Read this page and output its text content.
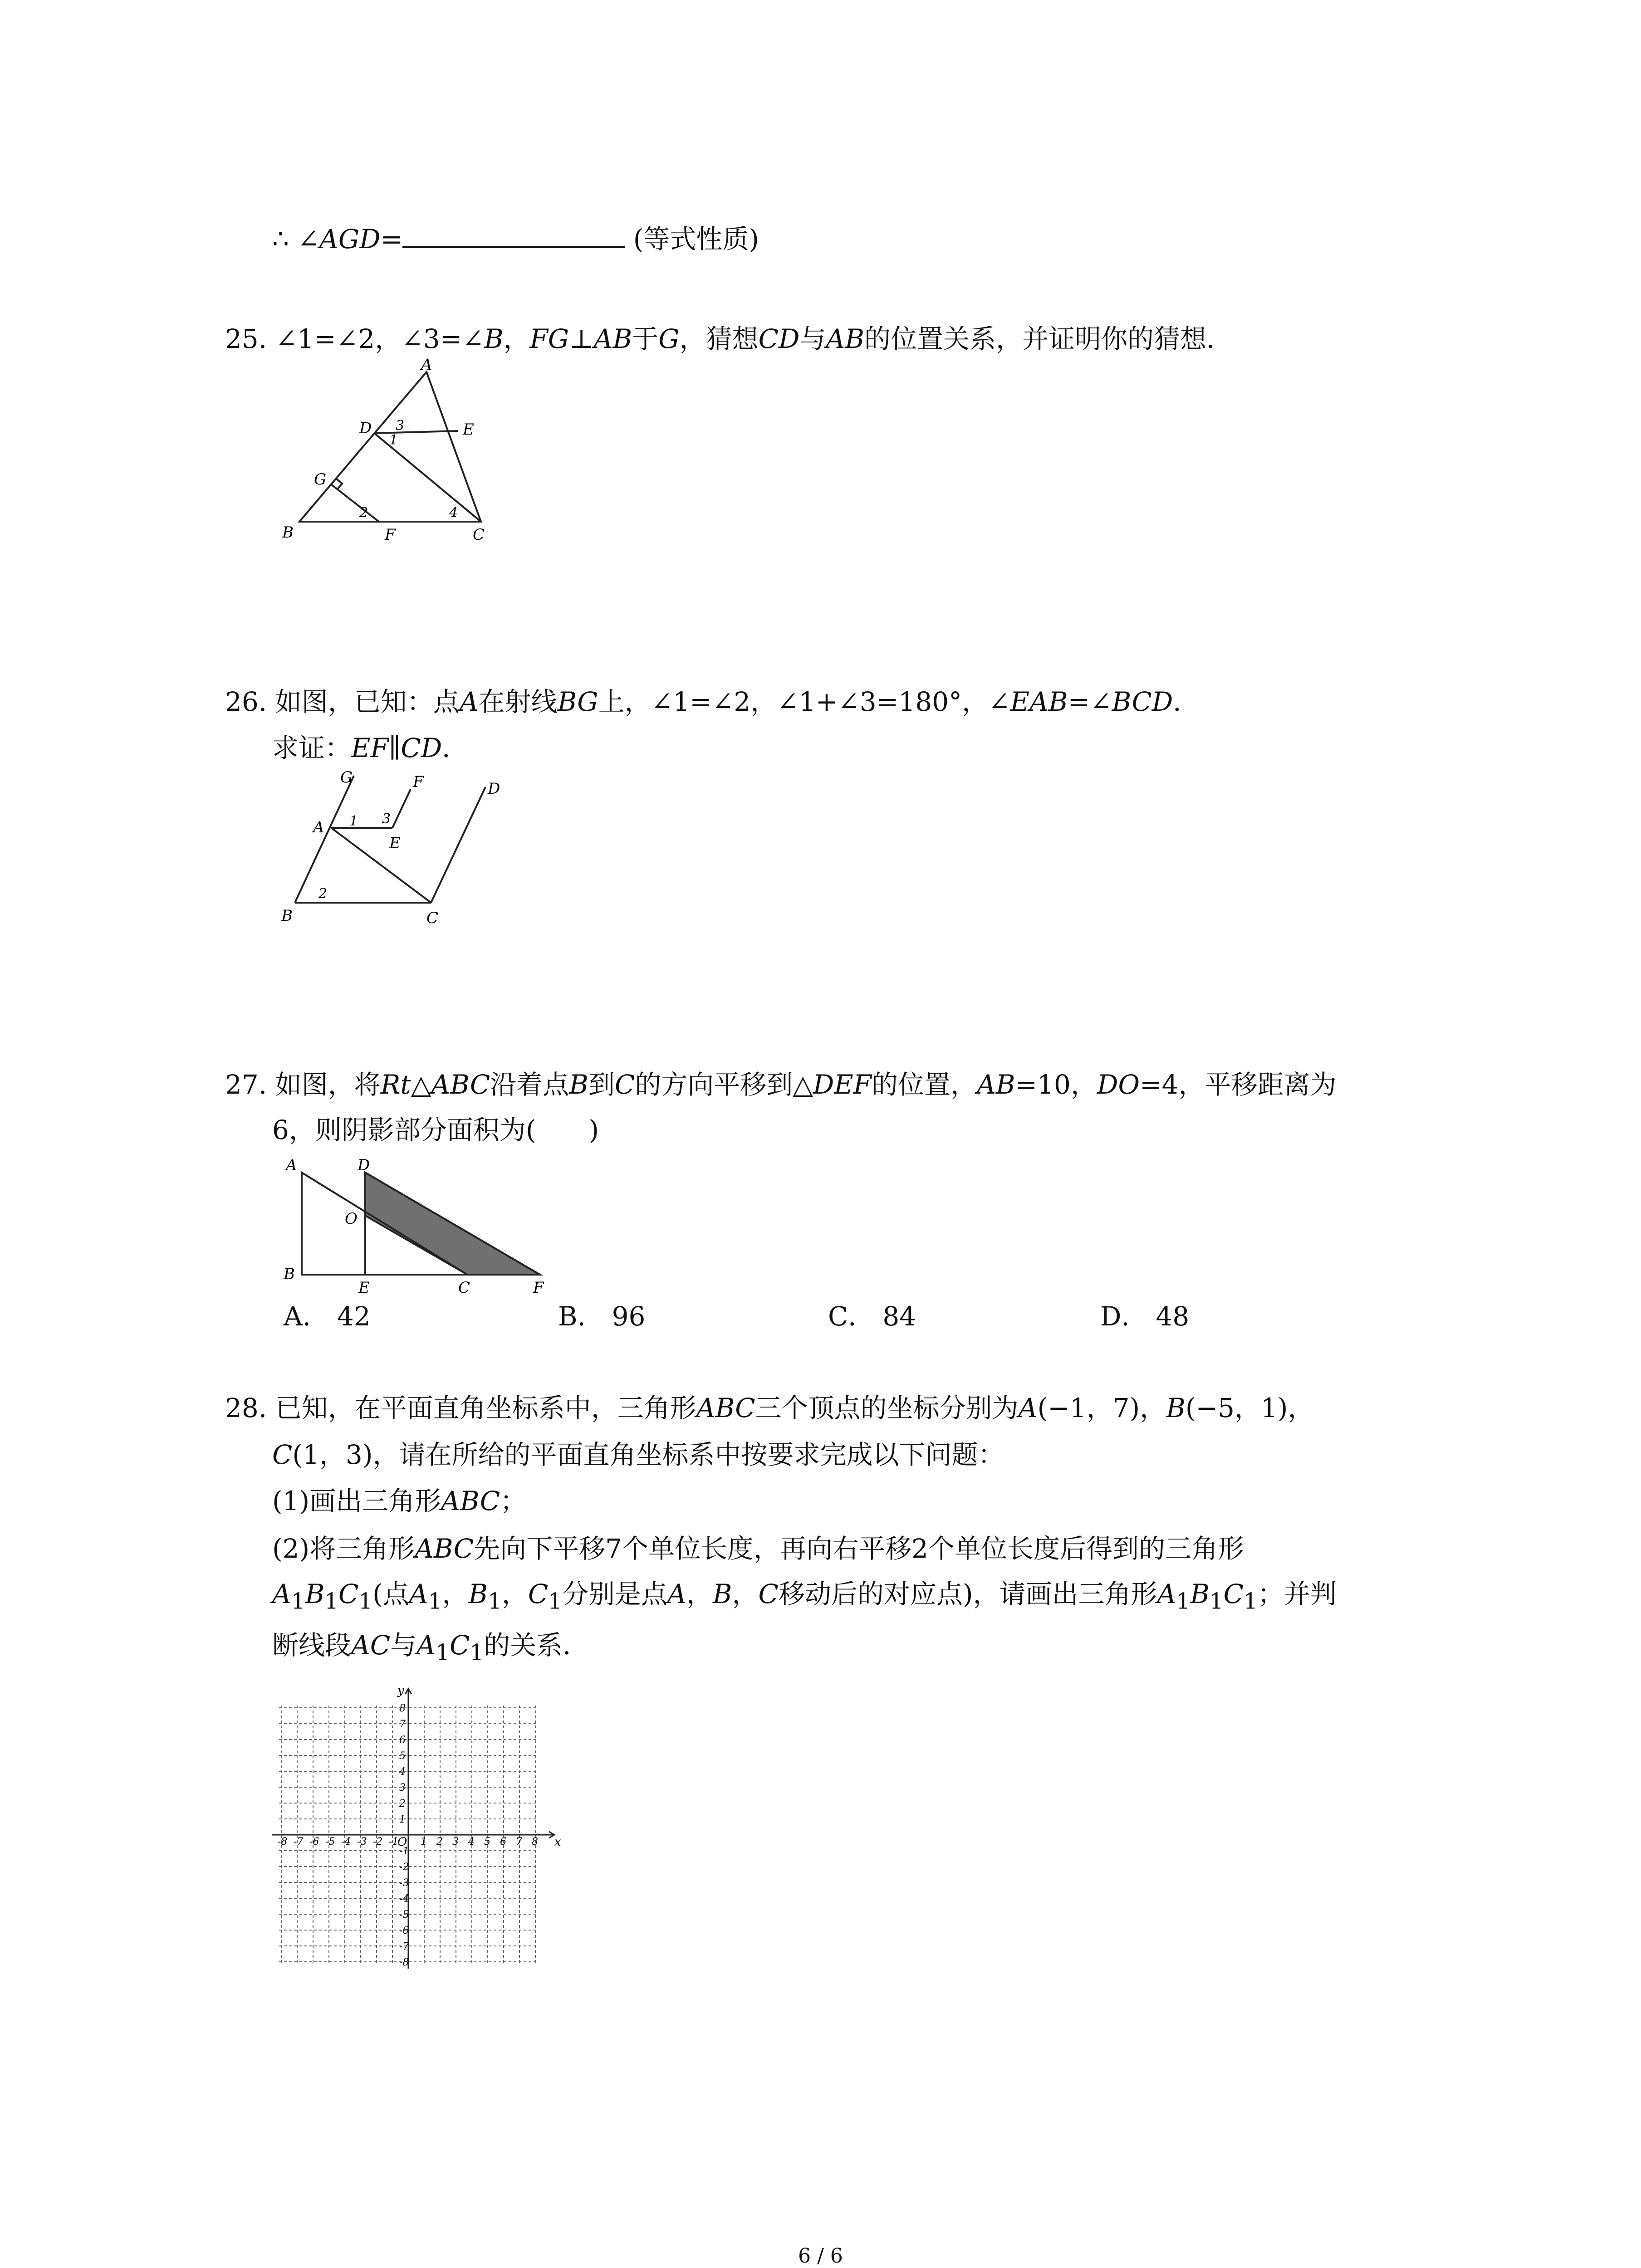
∴ ∠AGD=	(等式性质)
25. ∠1=∠2，∠3=∠B，FG⊥AB于G，猜想CD与AB的位置关系，并证明你的猜想．
A
D	E
G
B	F	C
1
2
3
4
26. 如图，已知：点A在射线BG上，∠1=∠2，∠1+∠3=180°，∠EAB=∠BCD．
求证：EF∥CD．
G	F	D
A
E
B	C
1
2
3
27. 如图，将Rt△ABC沿着点B到C的方向平移到△DEF的位置，AB=10，DO=4，平移距离为
6，则阴影部分面积为(　　)
A	D
O
B
E	C	F
A． 42	B． 96	C． 84	D． 48
28. 已知，在平面直角坐标系中，三角形ABC三个顶点的坐标分别为A(−1，7)，B(−5，1)，
C(1，3)，请在所给的平面直角坐标系中按要求完成以下问题：
(1)画出三角形ABC；
(2)将三角形ABC先向下平移7个单位长度，再向右平移2个单位长度后得到的三角形
$A_1B_1C_1$(点$A_1$，$B_1$，$C_1$分别是点A，B，C移动后的对应点)，请画出三角形$A_1B_1C_1$；并判
断线段AC与$A_1C_1$的关系．
-8
-8
-7
-7
-6
-6
-5
-5
-4
-4
-3
-3
-2
-2
-1
-1
1
1
2
2
3
3
4
4
5
5
6
6
7
7
8
8
O	x
y
6 / 6
